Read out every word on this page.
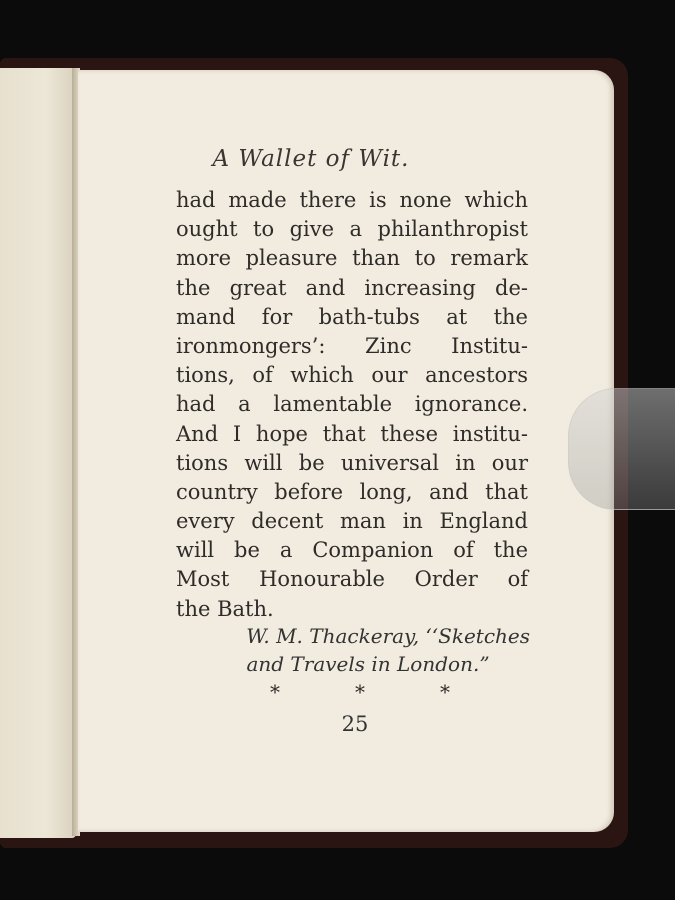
A Wallet of Wit.
had made there is none which
ought to give a philanthropist
more pleasure than to remark
the great and increasing de-
mand for bath-tubs at the
ironmongers’: Zinc Institu-
tions, of which our ancestors
had a lamentable ignorance.
And I hope that these institu-
tions will be universal in our
country before long, and that
every decent man in England
will be a Companion of the
Most Honourable Order of
the Bath.
W. M. Thackeray, ‘‘Sketches
and Travels in London.”
*	*	*
25
